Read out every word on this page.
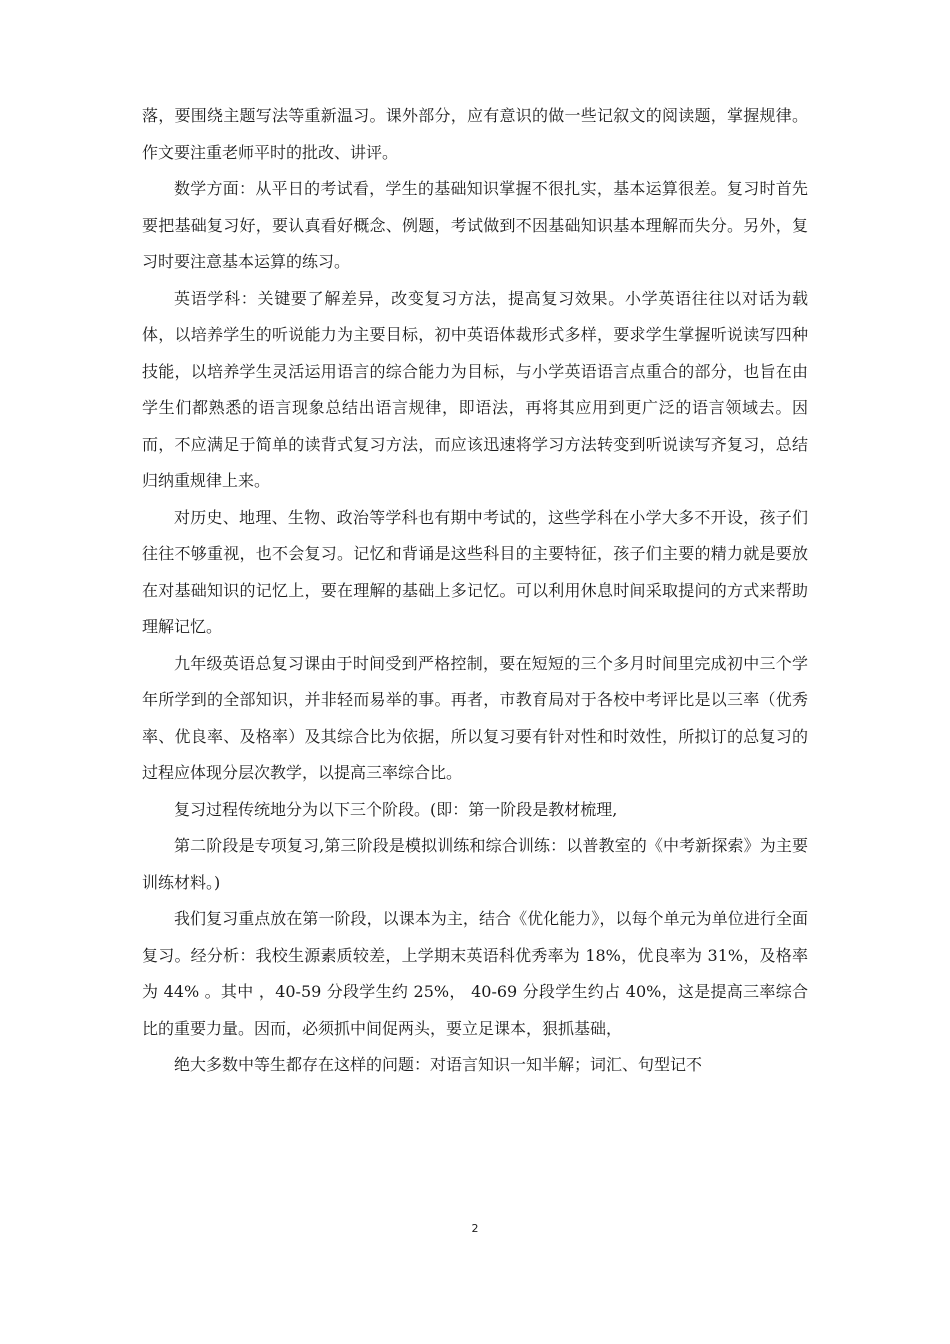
落，要围绕主题写法等重新温习。课外部分，应有意识的做一些记叙文的阅读题，掌握规律。作文要注重老师平时的批改、讲评。

数学方面：从平日的考试看，学生的基础知识掌握不很扎实，基本运算很差。复习时首先要把基础复习好，要认真看好概念、例题，考试做到不因基础知识基本理解而失分。另外，复习时要注意基本运算的练习。

英语学科：关键要了解差异，改变复习方法，提高复习效果。小学英语往往以对话为载体，以培养学生的听说能力为主要目标，初中英语体裁形式多样，要求学生掌握听说读写四种技能，以培养学生灵活运用语言的综合能力为目标，与小学英语语言点重合的部分，也旨在由学生们都熟悉的语言现象总结出语言规律，即语法，再将其应用到更广泛的语言领域去。因而，不应满足于简单的读背式复习方法，而应该迅速将学习方法转变到听说读写齐复习，总结归纳重规律上来。

对历史、地理、生物、政治等学科也有期中考试的，这些学科在小学大多不开设，孩子们往往不够重视，也不会复习。记忆和背诵是这些科目的主要特征，孩子们主要的精力就是要放在对基础知识的记忆上，要在理解的基础上多记忆。可以利用休息时间采取提问的方式来帮助理解记忆。

九年级英语总复习课由于时间受到严格控制，要在短短的三个多月时间里完成初中三个学年所学到的全部知识，并非轻而易举的事。再者，市教育局对于各校中考评比是以三率（优秀率、优良率、及格率）及其综合比为依据，所以复习要有针对性和时效性，所拟订的总复习的过程应体现分层次教学，以提高三率综合比。

复习过程传统地分为以下三个阶段。(即：第一阶段是教材梳理,

第二阶段是专项复习,第三阶段是模拟训练和综合训练：以普教室的《中考新探索》为主要训练材料。)

我们复习重点放在第一阶段，以课本为主，结合《优化能力》，以每个单元为单位进行全面复习。经分析：我校生源素质较差，上学期末英语科优秀率为 18%，优良率为 31%，及格率为 44% 。其中 ，40-59 分段学生约 25%， 40-69 分段学生约占 40%，这是提高三率综合比的重要力量。因而，必须抓中间促两头，要立足课本，狠抓基础，

绝大多数中等生都存在这样的问题：对语言知识一知半解；词汇、句型记不

2
